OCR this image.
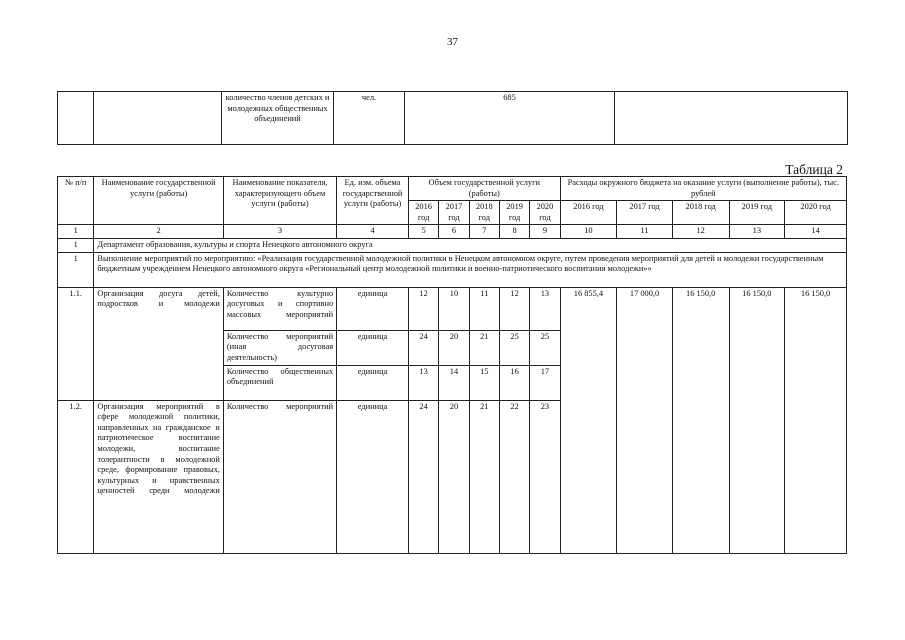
37
		количество членов детских и молодежных общественных объединений	чел.	685	
Таблица 2
№ п/п	Наименование государственной услуги (работы)	Наименование показателя, характеризующего объем услуги (работы)	Ед. изм. объема государственной услуги (работы)	Объем государственной услуги (работы)					Расходы окружного бюджета на оказание услуги (выполнение работы), тыс. рублей				
				2016 год	2017 год	2018 год	2019 год	2020 год	2016 год	2017 год	2018 год	2019 год	2020 год
1	2	3	4	5	6	7	8	9	10	11	12	13	14
1	Департамент образования, культуры и спорта Ненецкого автономного округа												
1	Выполнение мероприятий по мероприятию: «Реализация государственной молодежной политики в Ненецком автономном округе, путем проведения мероприятий для детей и молодежи государственным бюджетным учреждением Ненецкого автономного округа «Региональный центр молодежной политики и военно-патриотического воспитания молодежи»»												
1.1.	Организация досуга детей, подростков и молодежи	Количество культурно досуговых и спортивно массовых мероприятий	единица	12	10	11	12	13	16 855,4	17 000,0	16 150,0	16 150,0	16 150,0
		Количество мероприятий (иная досуговая деятельность)	единица	24	20	21	25	25					
		Количество общественных объединений	единица	13	14	15	16	17					
1.2.	Организация мероприятий в сфере молодежной политики, направленных на гражданское и патриотическое воспитание молодежи, воспитание толерантности в молодежной среде, формирование правовых, культурных и нравственных ценностей среди молодежи	Количество мероприятий	единица	24	20	21	22	23					
